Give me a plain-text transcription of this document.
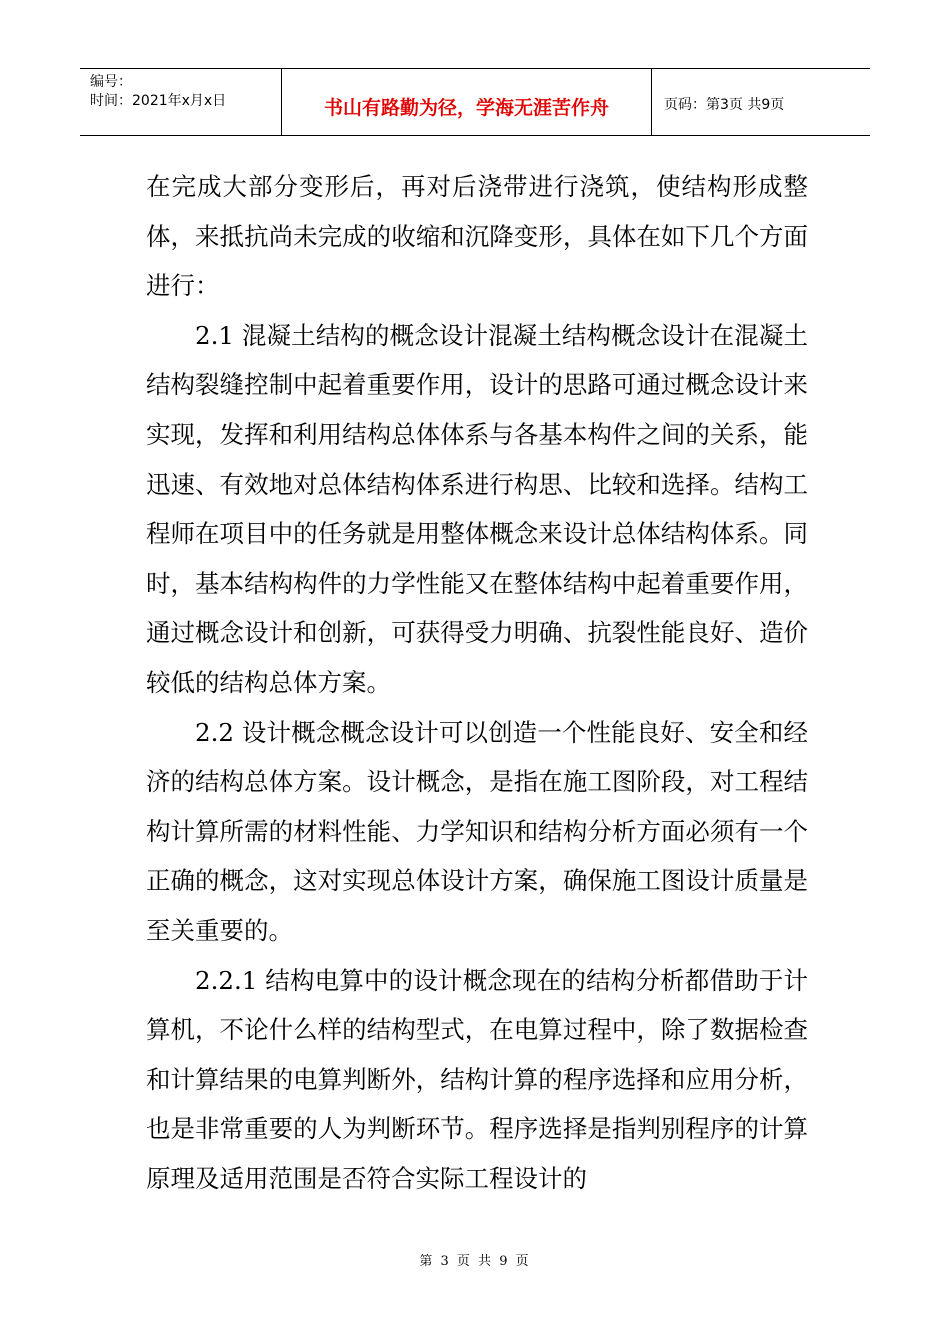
编号：
时间：2021年x月x日	书山有路勤为径，学海无涯苦作舟	页码：第3页 共9页

在完成大部分变形后，再对后浇带进行浇筑，使结构形成整体，来抵抗尚未完成的收缩和沉降变形，具体在如下几个方面进行：

2.1 混凝土结构的概念设计混凝土结构概念设计在混凝土结构裂缝控制中起着重要作用，设计的思路可通过概念设计来实现，发挥和利用结构总体体系与各基本构件之间的关系，能迅速、有效地对总体结构体系进行构思、比较和选择。结构工程师在项目中的任务就是用整体概念来设计总体结构体系。同时，基本结构构件的力学性能又在整体结构中起着重要作用，通过概念设计和创新，可获得受力明确、抗裂性能良好、造价较低的结构总体方案。

2.2 设计概念概念设计可以创造一个性能良好、安全和经济的结构总体方案。设计概念，是指在施工图阶段，对工程结构计算所需的材料性能、力学知识和结构分析方面必须有一个正确的概念，这对实现总体设计方案，确保施工图设计质量是至关重要的。

2.2.1 结构电算中的设计概念现在的结构分析都借助于计算机，不论什么样的结构型式，在电算过程中，除了数据检查和计算结果的电算判断外，结构计算的程序选择和应用分析，也是非常重要的人为判断环节。程序选择是指判别程序的计算原理及适用范围是否符合实际工程设计的

第 3 页 共 9 页
